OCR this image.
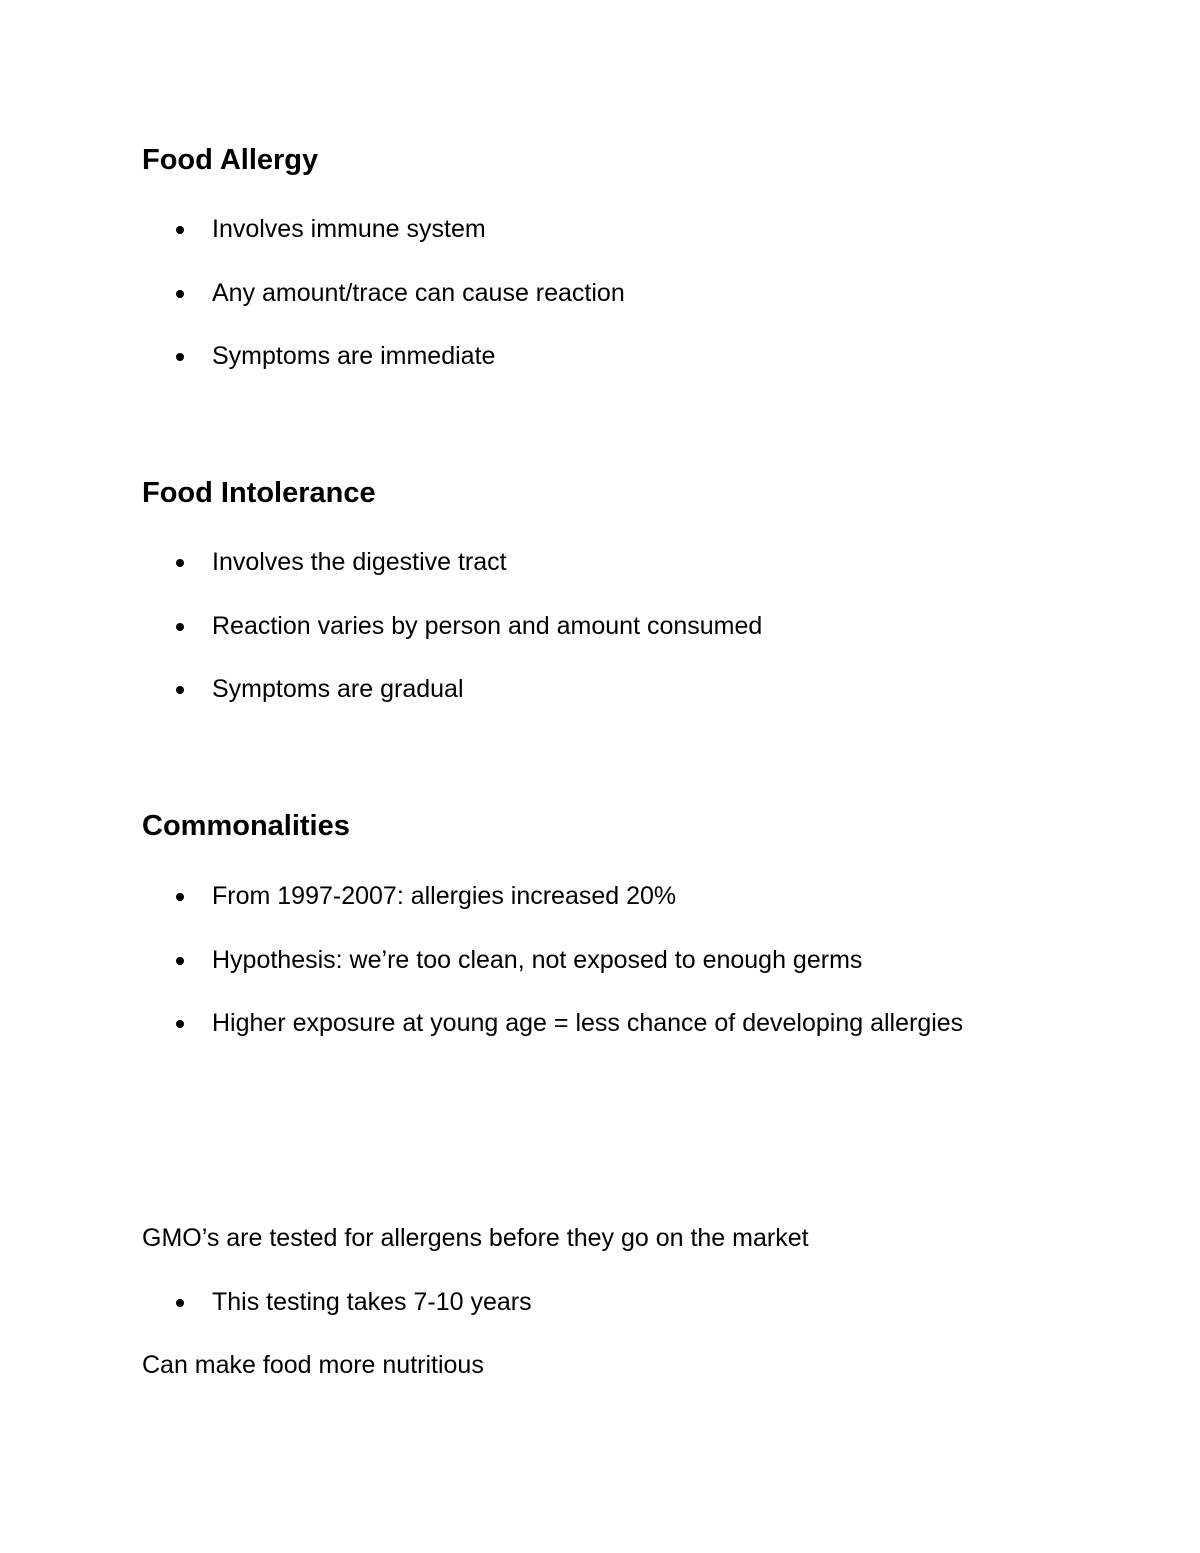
Food Allergy
Involves immune system
Any amount/trace can cause reaction
Symptoms are immediate
Food Intolerance
Involves the digestive tract
Reaction varies by person and amount consumed
Symptoms are gradual
Commonalities
From 1997-2007: allergies increased 20%
Hypothesis: we’re too clean, not exposed to enough germs
Higher exposure at young age = less chance of developing allergies

GMO’s are tested for allergens before they go on the market

This testing takes 7-10 years

Can make food more nutritious
